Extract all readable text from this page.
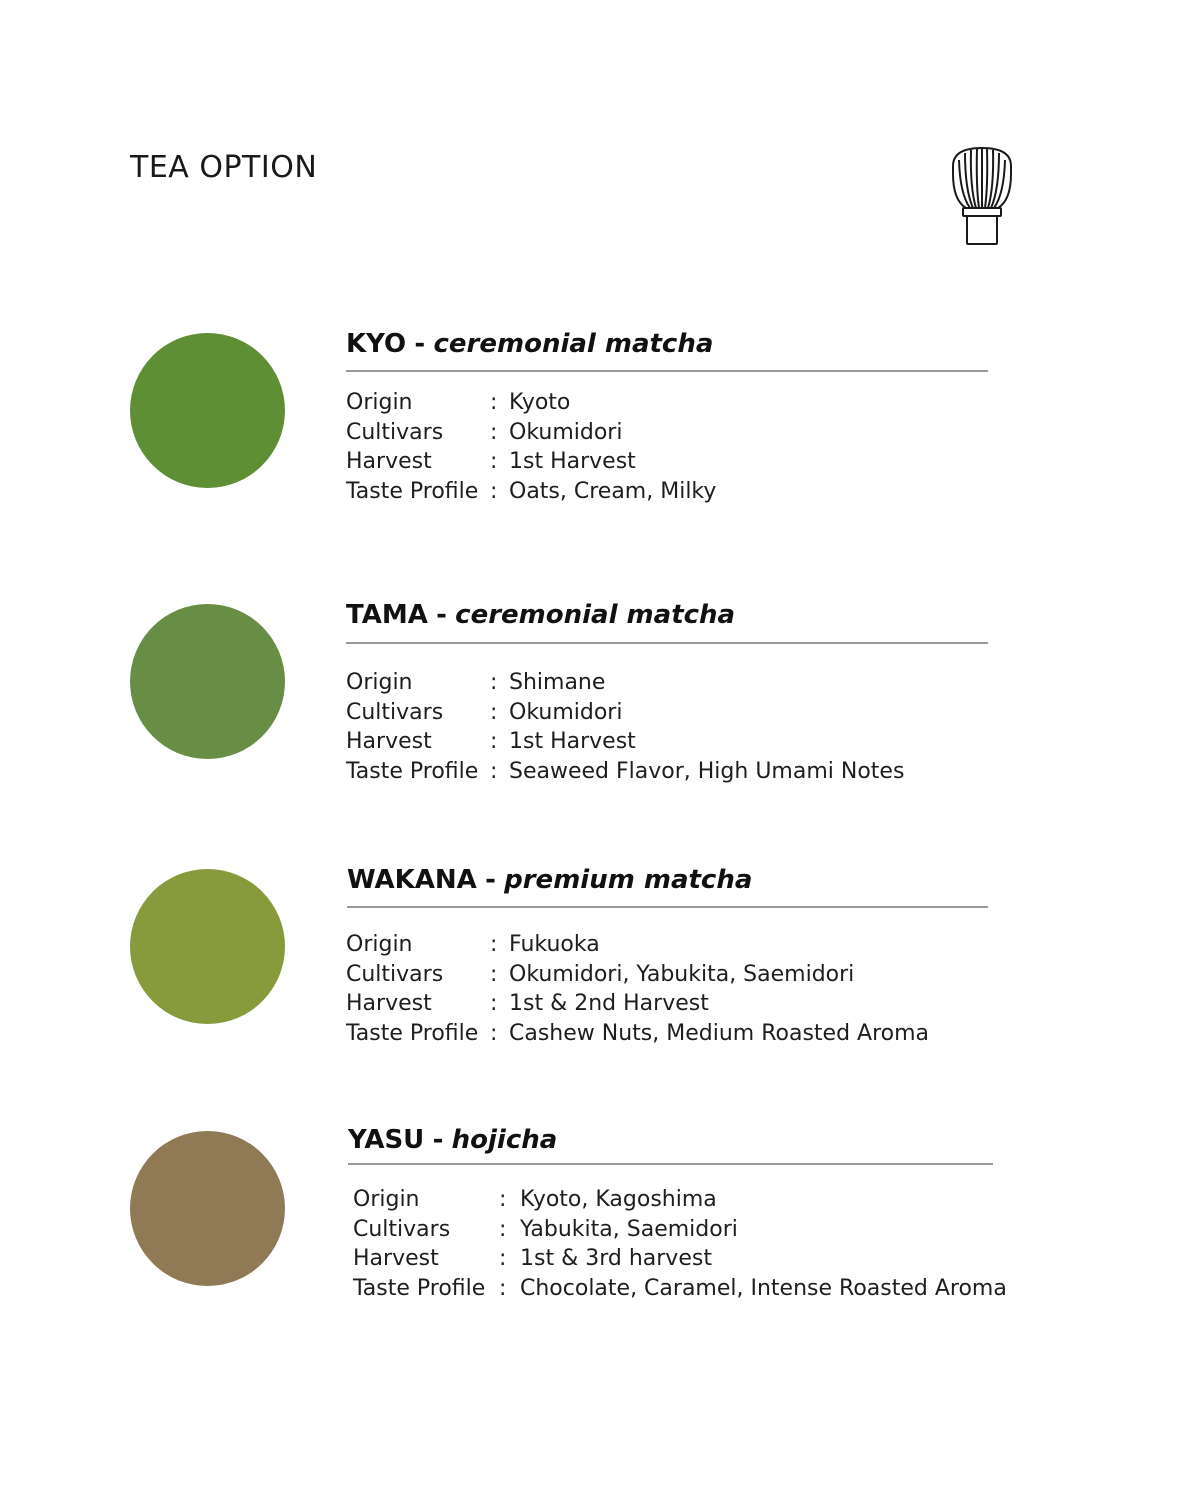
TEA OPTION
KYO - ceremonial matcha
Origin	: Kyoto
Cultivars : Okumidori
Harvest	: 1st Harvest
Taste Profile : Oats, Cream, Milky
TAMA - ceremonial matcha
Origin	: Shimane
Cultivars : Okumidori
Harvest	: 1st Harvest
Taste Profile : Seaweed Flavor, High Umami Notes
WAKANA - premium matcha
Origin	: Fukuoka
Cultivars : Okumidori, Yabukita, Saemidori
Harvest	: 1st & 2nd Harvest
Taste Profile : Cashew Nuts, Medium Roasted Aroma
YASU - hojicha
Origin	: Kyoto, Kagoshima
Cultivars : Yabukita, Saemidori
Harvest	: 1st & 3rd harvest
Taste Profile : Chocolate, Caramel, Intense Roasted Aroma
